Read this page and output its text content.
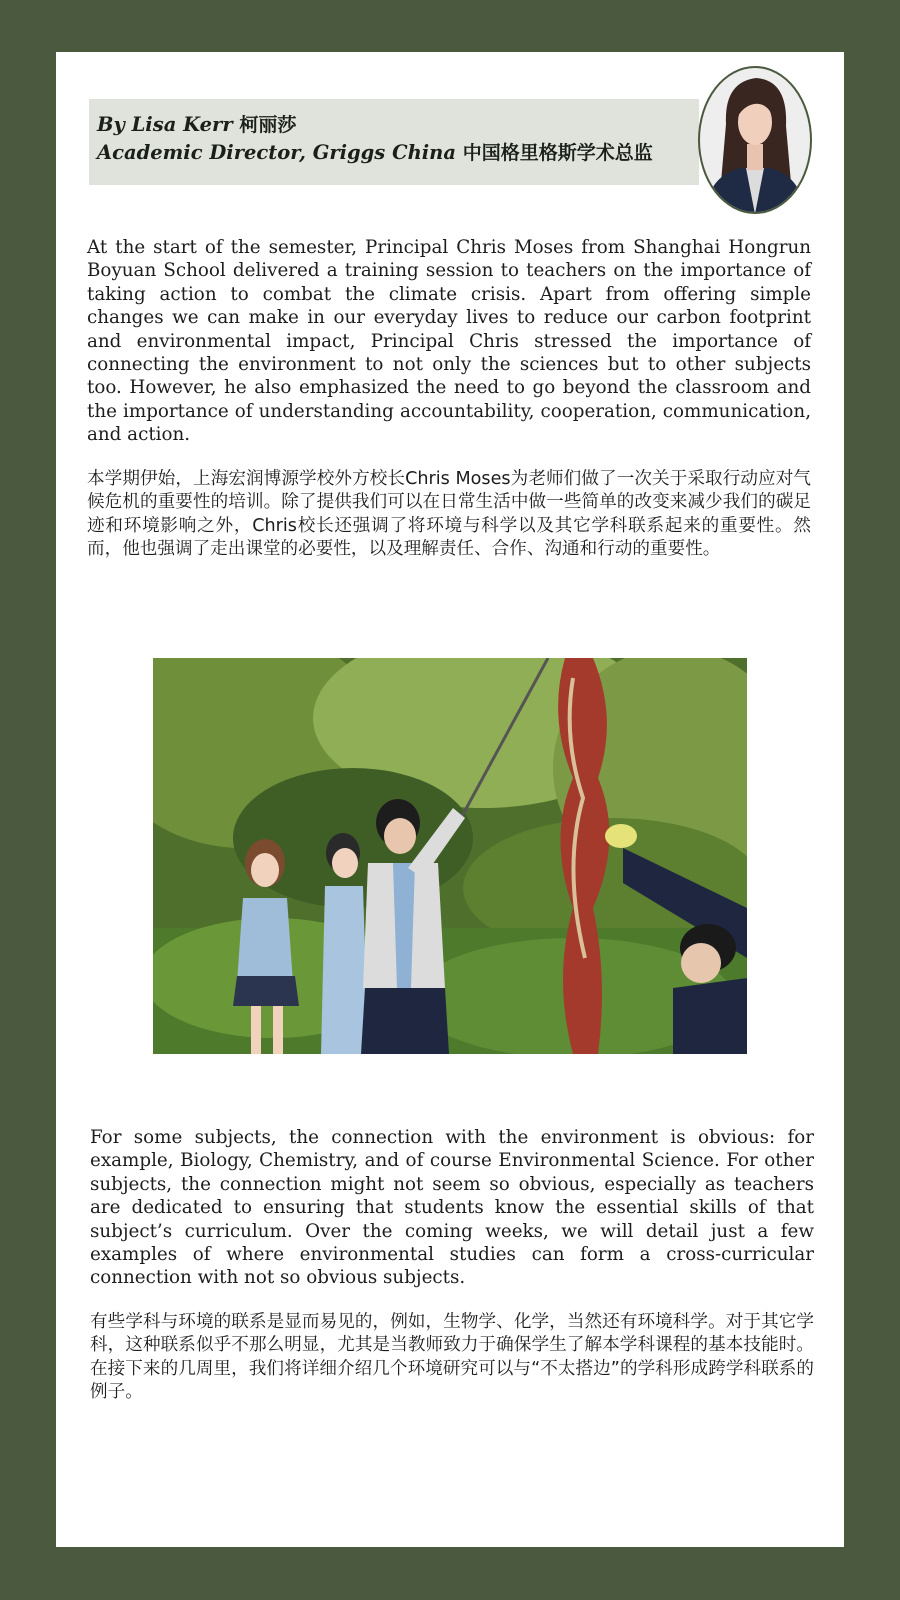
By Lisa Kerr 柯丽莎
Academic Director, Griggs China 中国格里格斯学术总监

At the start of the semester, Principal Chris Moses from Shanghai Hongrun Boyuan School delivered a training session to teachers on the importance of taking action to combat the climate crisis. Apart from offering simple changes we can make in our everyday lives to reduce our carbon footprint and environmental impact, Principal Chris stressed the importance of connecting the environment to not only the sciences but to other subjects too. However, he also emphasized the need to go beyond the classroom and the importance of understanding accountability, cooperation, communication, and action.

本学期伊始，上海宏润博源学校外方校长Chris Moses为老师们做了一次关于采取行动应对气候危机的重要性的培训。除了提供我们可以在日常生活中做一些简单的改变来减少我们的碳足迹和环境影响之外，Chris校长还强调了将环境与科学以及其它学科联系起来的重要性。然而，他也强调了走出课堂的必要性，以及理解责任、合作、沟通和行动的重要性。

For some subjects, the connection with the environment is obvious: for example, Biology, Chemistry, and of course Environmental Science. For other subjects, the connection might not seem so obvious, especially as teachers are dedicated to ensuring that students know the essential skills of that subject’s curriculum. Over the coming weeks, we will detail just a few examples of where environmental studies can form a cross-curricular connection with not so obvious subjects.

有些学科与环境的联系是显而易见的，例如，生物学、化学，当然还有环境科学。对于其它学科，这种联系似乎不那么明显，尤其是当教师致力于确保学生了解本学科课程的基本技能时。在接下来的几周里，我们将详细介绍几个环境研究可以与“不太搭边”的学科形成跨学科联系的例子。
